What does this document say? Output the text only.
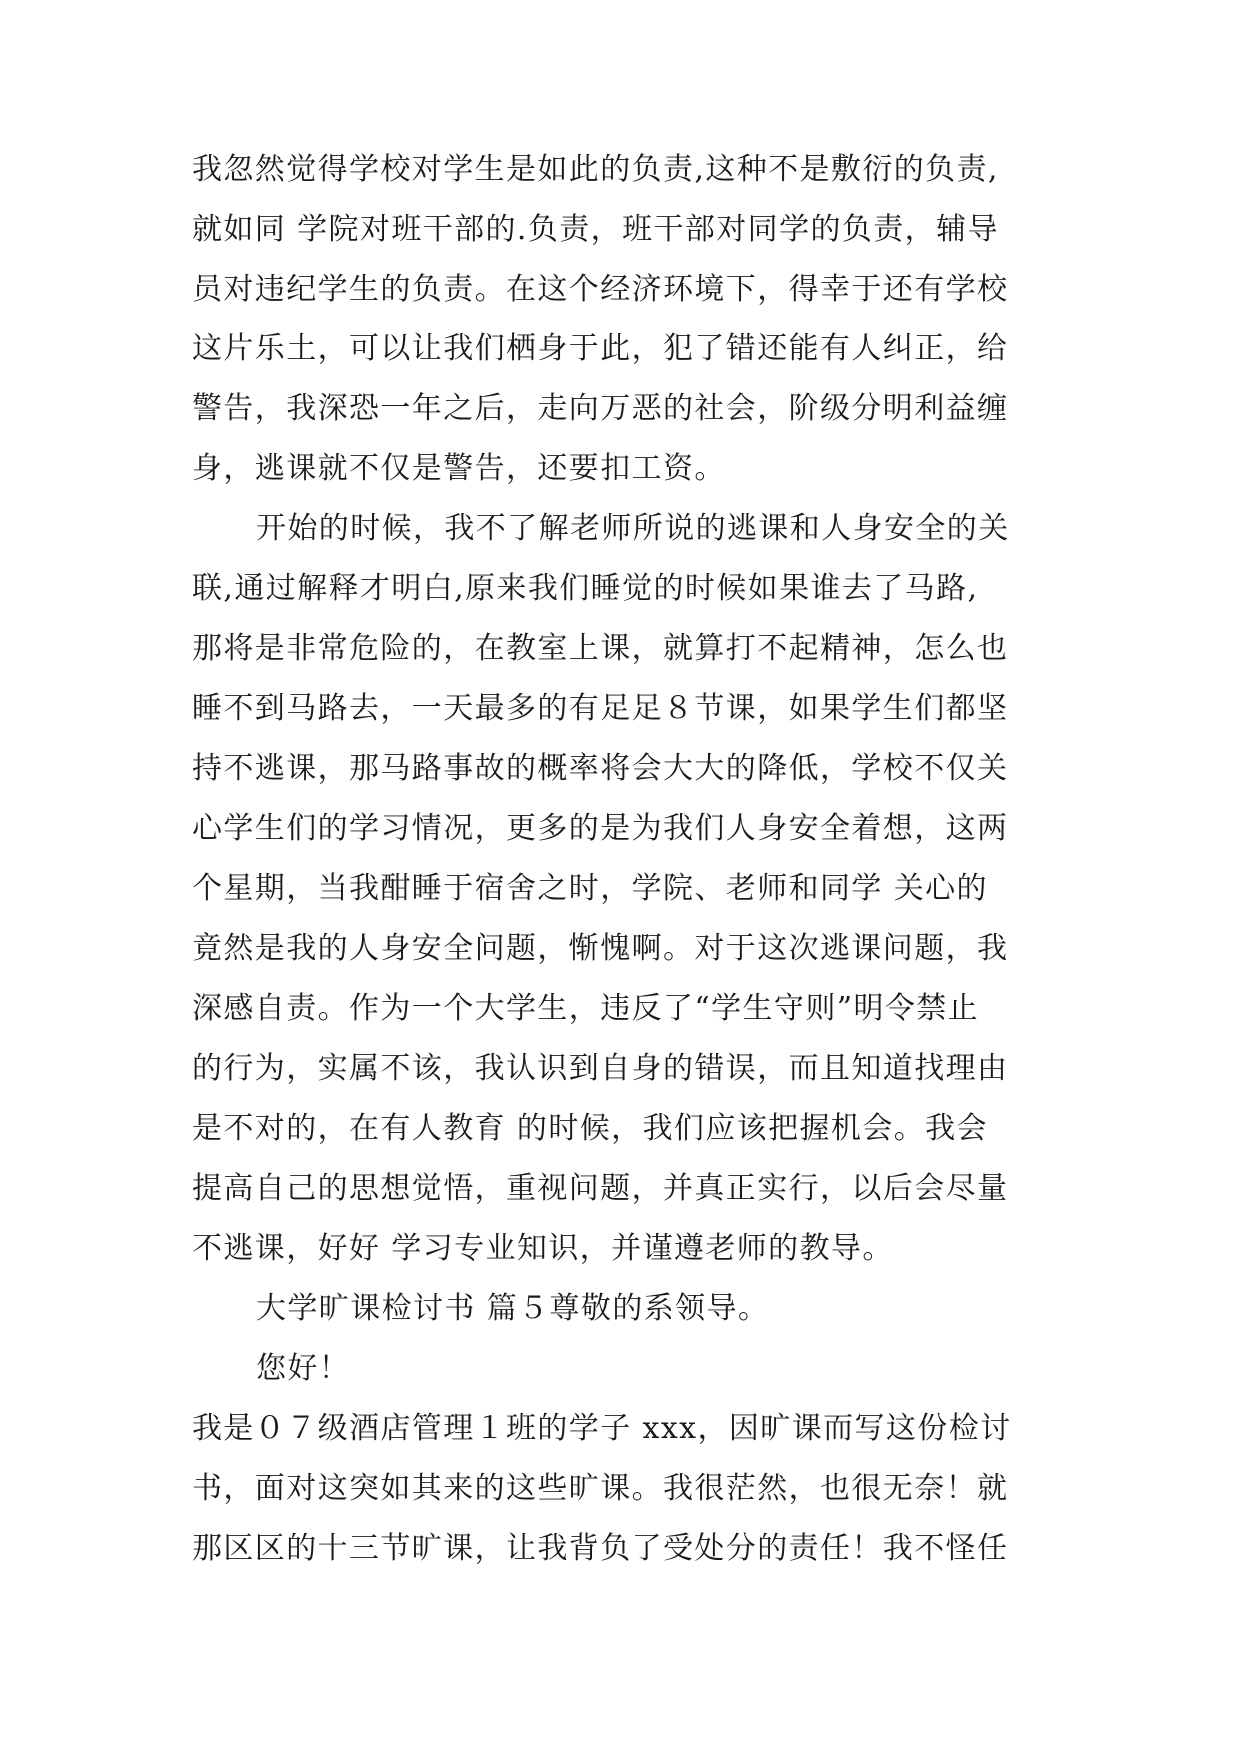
我忽然觉得学校对学生是如此的负责,这种不是敷衍的负责,
就如同 学院对班干部的.负责，班干部对同学的负责，辅导
员对违纪学生的负责。在这个经济环境下，得幸于还有学校
这片乐土，可以让我们栖身于此，犯了错还能有人纠正，给
警告，我深恐一年之后，走向万恶的社会，阶级分明利益缠
身，逃课就不仅是警告，还要扣工资。
开始的时候，我不了解老师所说的逃课和人身安全的关
联,通过解释才明白,原来我们睡觉的时候如果谁去了马路,
那将是非常危险的，在教室上课，就算打不起精神，怎么也
睡不到马路去，一天最多的有足足８节课，如果学生们都坚
持不逃课，那马路事故的概率将会大大的降低，学校不仅关
心学生们的学习情况，更多的是为我们人身安全着想，这两
个星期，当我酣睡于宿舍之时，学院、老师和同学 关心的
竟然是我的人身安全问题，惭愧啊。对于这次逃课问题，我
深感自责。作为一个大学生，违反了“学生守则”明令禁止
的行为，实属不该，我认识到自身的错误，而且知道找理由
是不对的，在有人教育 的时候，我们应该把握机会。我会
提高自己的思想觉悟，重视问题，并真正实行，以后会尽量
不逃课，好好 学习专业知识，并谨遵老师的教导。
大学旷课检讨书 篇５尊敬的系领导。
您好！
我是０７级酒店管理１班的学子 xxx，因旷课而写这份检讨
书，面对这突如其来的这些旷课。我很茫然，也很无奈！就
那区区的十三节旷课，让我背负了受处分的责任！我不怪任
